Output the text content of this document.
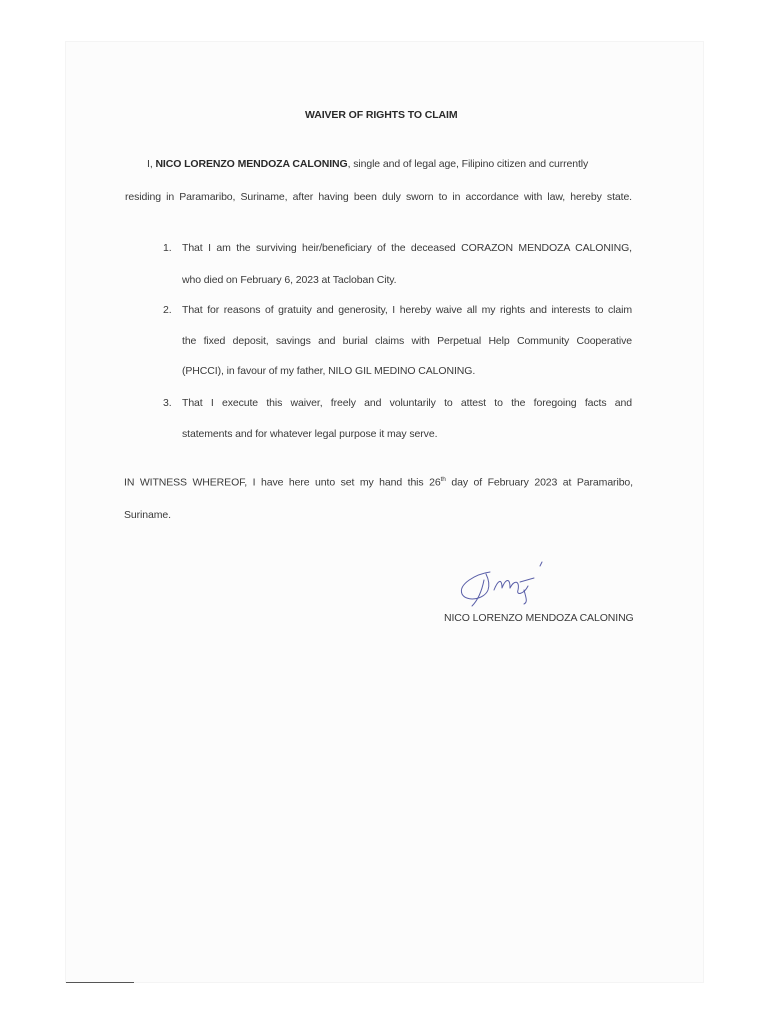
WAIVER OF RIGHTS TO CLAIM
I, NICO LORENZO MENDOZA CALONING, single and of legal age, Filipino citizen and currently
residing in Paramaribo, Suriname, after having been duly sworn to in accordance with law, hereby state.
1. That I am the surviving heir/beneficiary of the deceased CORAZON MENDOZA CALONING,
who died on February 6, 2023 at Tacloban City.
2. That for reasons of gratuity and generosity, I hereby waive all my rights and interests to claim
the fixed deposit, savings and burial claims with Perpetual Help Community Cooperative
(PHCCI), in favour of my father, NILO GIL MEDINO CALONING.
3. That I execute this waiver, freely and voluntarily to attest to the foregoing facts and
statements and for whatever legal purpose it may serve.
IN WITNESS WHEREOF, I have here unto set my hand this 26th day of February 2023 at Paramaribo,
Suriname.
NICO LORENZO MENDOZA CALONING
